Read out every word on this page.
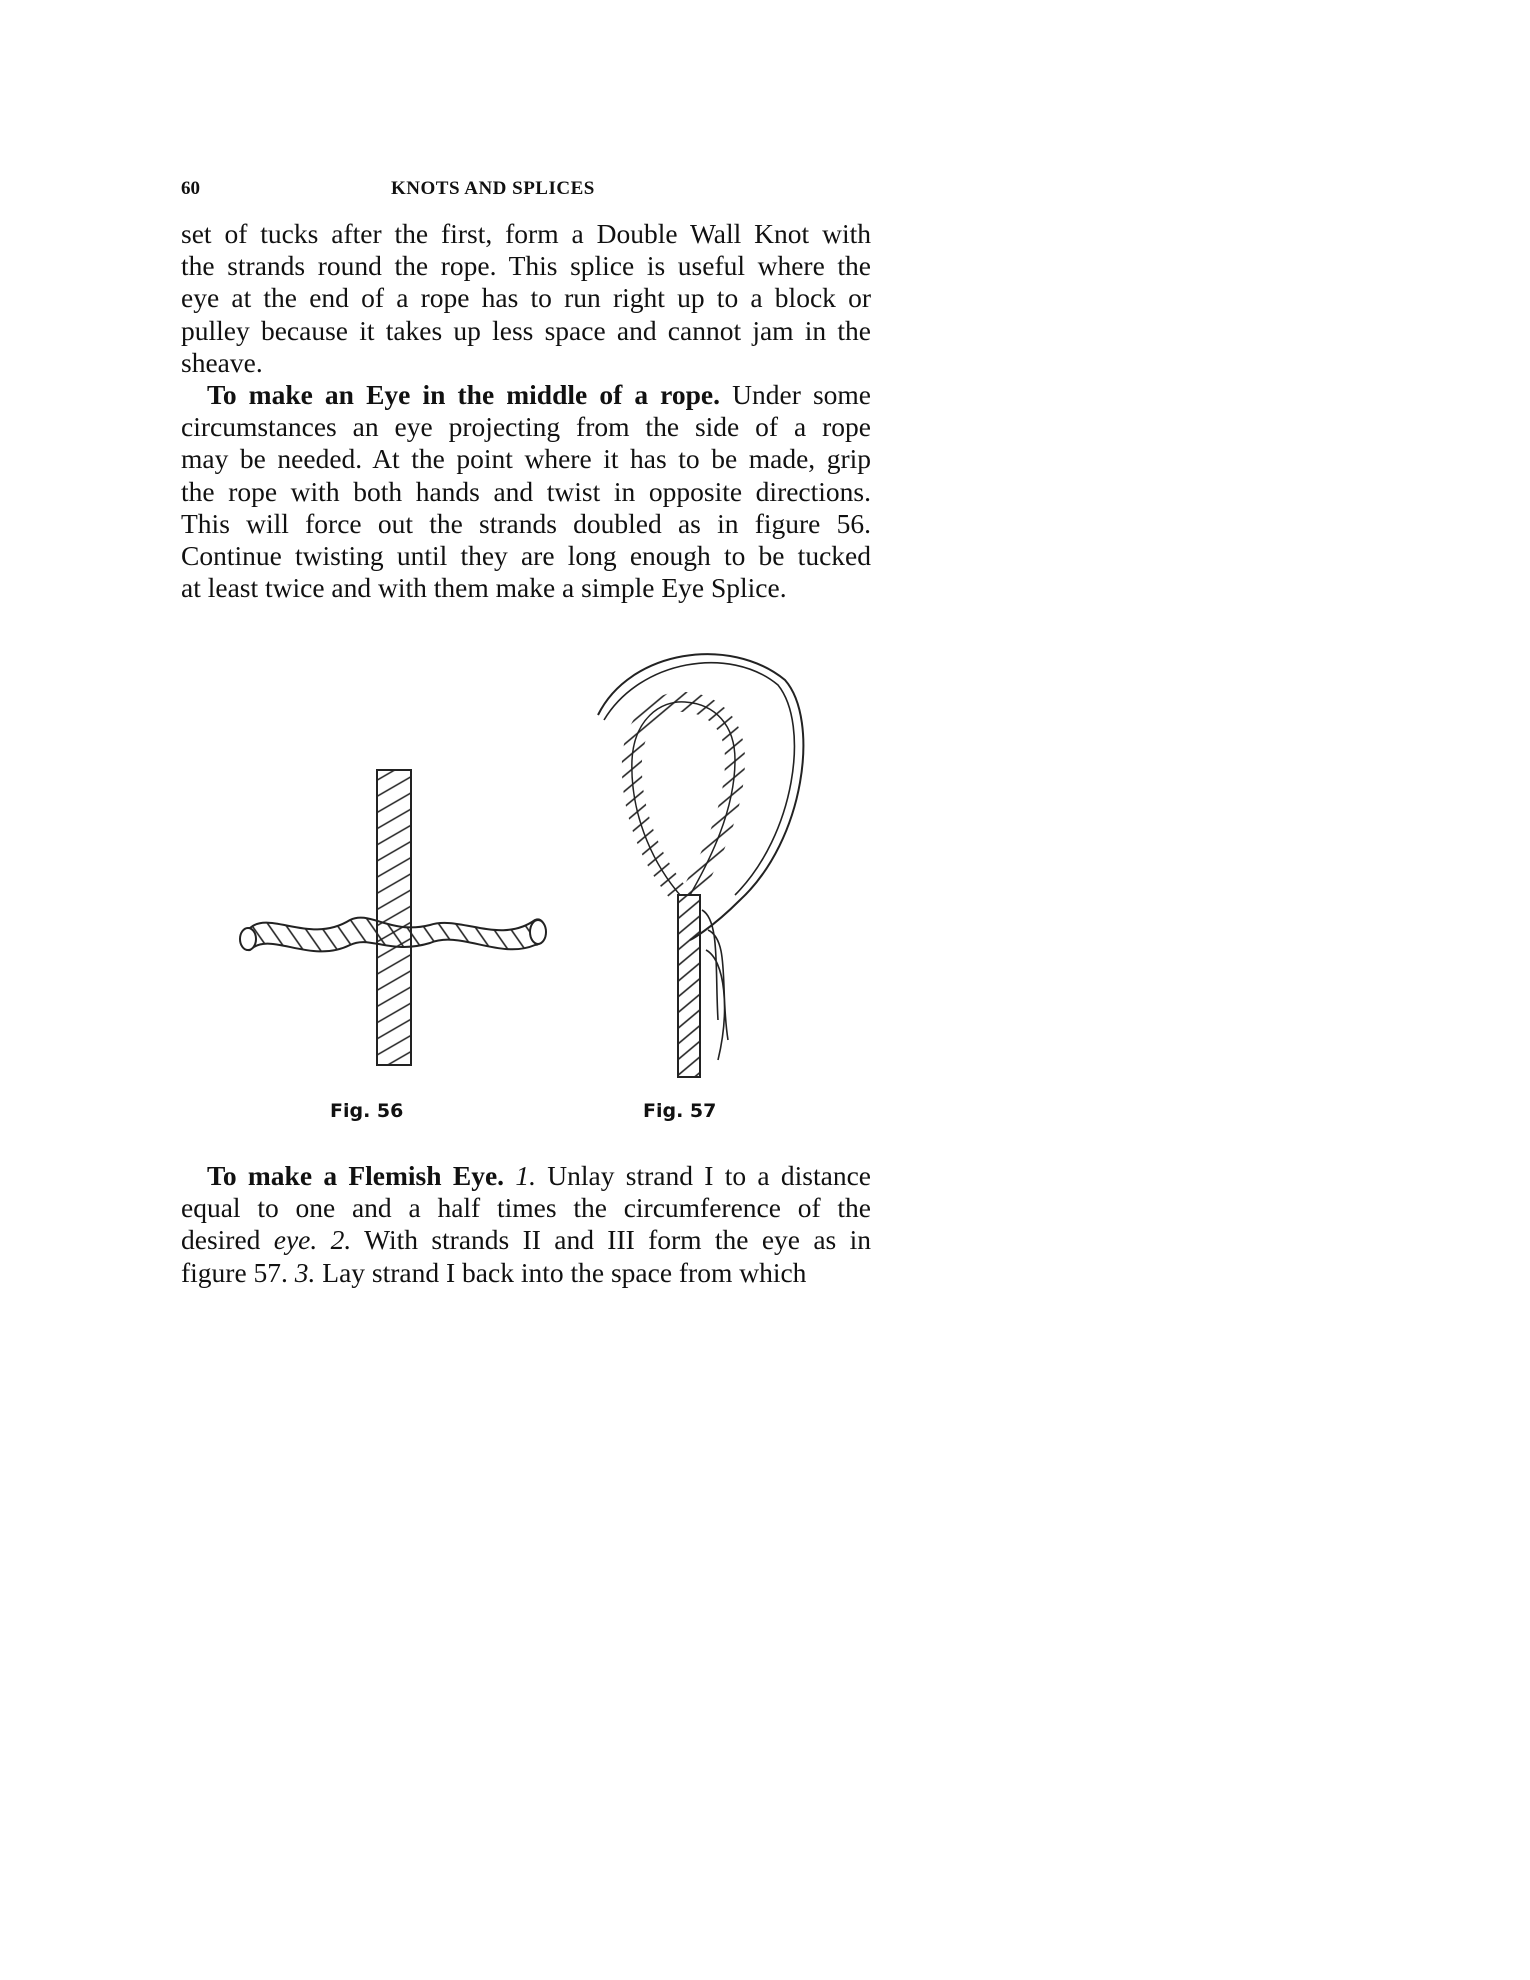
60	KNOTS AND SPLICES
set of tucks after the first, form a Double Wall Knot with
the strands round the rope. This splice is useful where the
eye at the end of a rope has to run right up to a block or
pulley because it takes up less space and cannot jam in the
sheave.
To make an Eye in the middle of a rope. Under some
circumstances an eye projecting from the side of a rope
may be needed. At the point where it has to be made, grip
the rope with both hands and twist in opposite directions.
This will force out the strands doubled as in figure 56.
Continue twisting until they are long enough to be tucked
at least twice and with them make a simple Eye Splice.
Fig. 56	Fig. 57
To make a Flemish Eye. 1. Unlay strand I to a distance
equal to one and a half times the circumference of the
desired eye. 2. With strands II and III form the eye as in
figure 57. 3. Lay strand I back into the space from which
